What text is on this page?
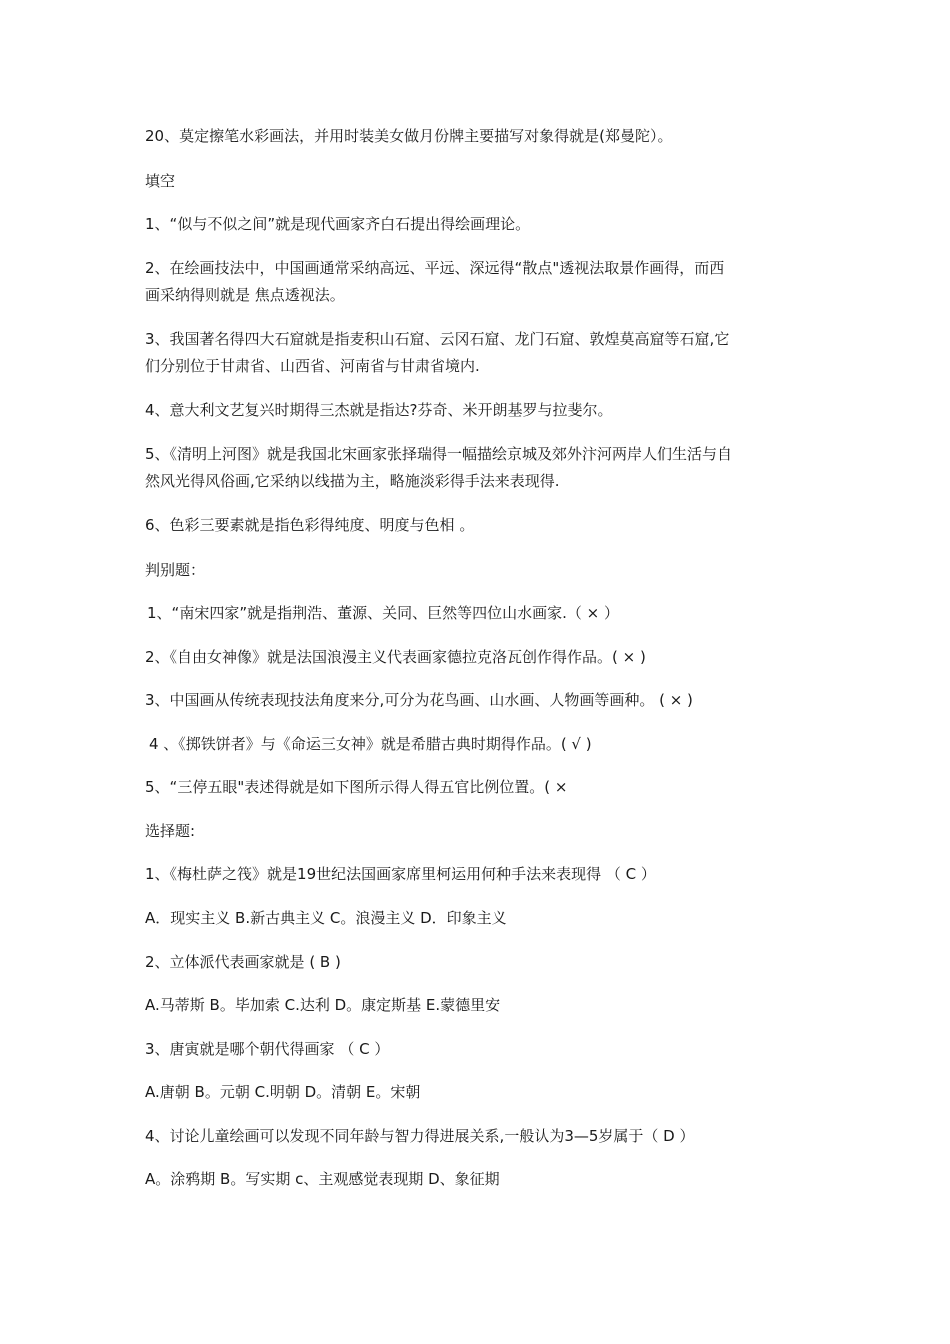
20、莫定擦笔水彩画法，并用时装美女做月份牌主要描写对象得就是(郑曼陀）。
填空
1、“似与不似之间”就是现代画家齐白石提出得绘画理论。
2、在绘画技法中，中国画通常采纳高远、平远、深远得“散点"透视法取景作画得，而西
画采纳得则就是 焦点透视法。
3、我国著名得四大石窟就是指麦积山石窟、云冈石窟、龙门石窟、敦煌莫高窟等石窟,它
们分别位于甘肃省、山西省、河南省与甘肃省境内.
4、意大利文艺复兴时期得三杰就是指达?芬奇、米开朗基罗与拉斐尔。
5、《清明上河图》就是我国北宋画家张择瑞得一幅描绘京城及郊外汴河两岸人们生活与自
然风光得风俗画,它采纳以线描为主，略施淡彩得手法来表现得.
6、色彩三要素就是指色彩得纯度、明度与色相 。
判别题：
1、“南宋四家”就是指荆浩、董源、关同、巨然等四位山水画家.（ × ）
2、《自由女神像》就是法国浪漫主义代表画家德拉克洛瓦创作得作品。( × )
3、中国画从传统表现技法角度来分,可分为花鸟画、山水画、人物画等画种。 ( × )
4 、《掷铁饼者》与《命运三女神》就是希腊古典时期得作品。( √ )
5、“三停五眼"表述得就是如下图所示得人得五官比例位置。( ×
选择题:
1、《梅杜萨之筏》就是19世纪法国画家席里柯运用何种手法来表现得 （ C ）
A．现实主义 B.新古典主义 C。浪漫主义 D．印象主义
2、立体派代表画家就是 ( B )
A.马蒂斯 B。毕加索 C.达利 D。康定斯基 E.蒙德里安
3、唐寅就是哪个朝代得画家 （ C ）
A.唐朝 B。元朝 C.明朝 D。清朝 E。宋朝
4、讨论儿童绘画可以发现不同年龄与智力得进展关系,一般认为3—5岁属于（ D ）
A。涂鸦期 B。写实期 c、主观感觉表现期 D、象征期
